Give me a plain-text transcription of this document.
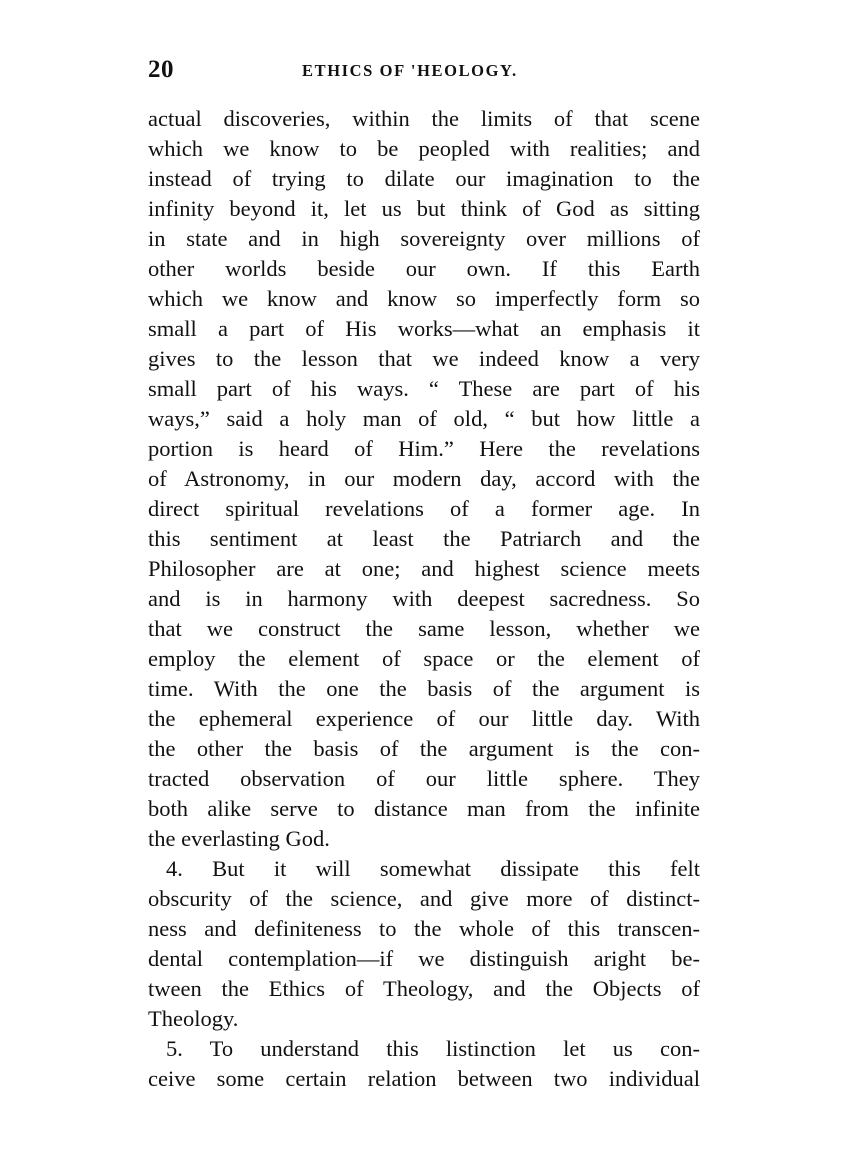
20	ETHICS OF 'HEOLOGY.
actual discoveries, within the limits of that scene
which we know to be peopled with realities; and
instead of trying to dilate our imagination to the
infinity beyond it, let us but think of God as sitting
in state and in high sovereignty over millions of
other worlds beside our own. If this Earth
which we know and know so imperfectly form so
small a part of His works—what an emphasis it
gives to the lesson that we indeed know a very
small part of his ways. “ These are part of his
ways,” said a holy man of old, “ but how little a
portion is heard of Him.” Here the revelations
of Astronomy, in our modern day, accord with the
direct spiritual revelations of a former age. In
this sentiment at least the Patriarch and the
Philosopher are at one; and highest science meets
and is in harmony with deepest sacredness. So
that we construct the same lesson, whether we
employ the element of space or the element of
time. With the one the basis of the argument is
the ephemeral experience of our little day. With
the other the basis of the argument is the con-
tracted observation of our little sphere. They
both alike serve to distance man from the infinite
the everlasting God.
4. But it will somewhat dissipate this felt
obscurity of the science, and give more of distinct-
ness and definiteness to the whole of this transcen-
dental contemplation—if we distinguish aright be-
tween the Ethics of Theology, and the Objects of
Theology.
5. To understand this listinction let us con-
ceive some certain relation between two individual
